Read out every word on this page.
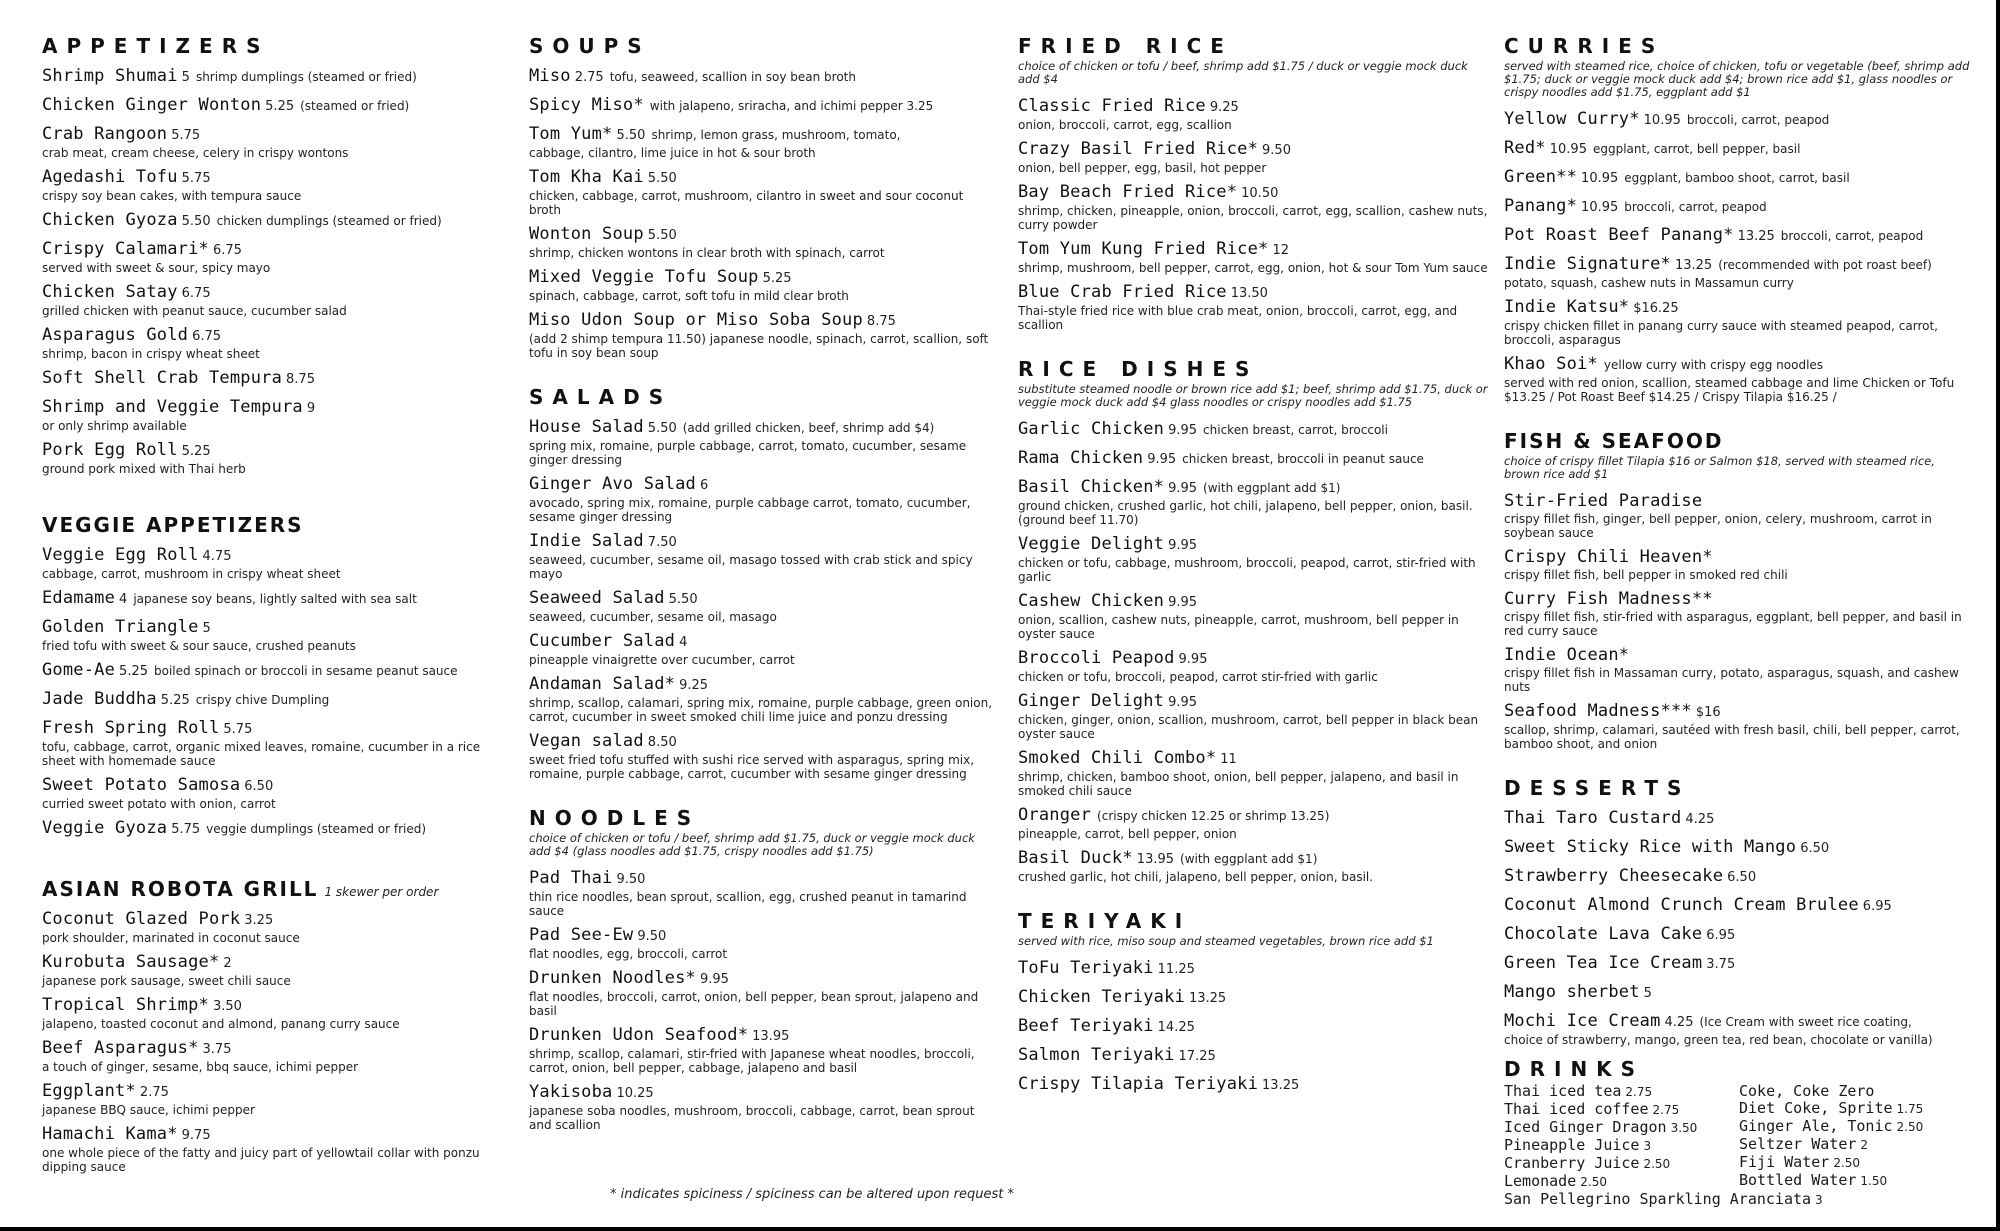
APPETIZERS
Shrimp Shumai 5 shrimp dumplings (steamed or fried)
Chicken Ginger Wonton 5.25 (steamed or fried)
Crab Rangoon 5.75
crab meat, cream cheese, celery in crispy wontons
Agedashi Tofu 5.75
crispy soy bean cakes, with tempura sauce
Chicken Gyoza 5.50 chicken dumplings (steamed or fried)
Crispy Calamari* 6.75
served with sweet & sour, spicy mayo
Chicken Satay 6.75
grilled chicken with peanut sauce, cucumber salad
Asparagus Gold 6.75
shrimp, bacon in crispy wheat sheet
Soft Shell Crab Tempura 8.75
Shrimp and Veggie Tempura 9
or only shrimp available
Pork Egg Roll 5.25
ground pork mixed with Thai herb
VEGGIE APPETIZERS
Veggie Egg Roll 4.75
cabbage, carrot, mushroom in crispy wheat sheet
Edamame 4 japanese soy beans, lightly salted with sea salt
Golden Triangle 5
fried tofu with sweet & sour sauce, crushed peanuts
Gome-Ae 5.25 boiled spinach or broccoli in sesame peanut sauce
Jade Buddha 5.25 crispy chive Dumpling
Fresh Spring Roll 5.75
tofu, cabbage, carrot, organic mixed leaves, romaine, cucumber in a rice sheet with homemade sauce
Sweet Potato Samosa 6.50
curried sweet potato with onion, carrot
Veggie Gyoza 5.75 veggie dumplings (steamed or fried)
ASIAN ROBOTA GRILL 1 skewer per order
Coconut Glazed Pork 3.25
pork shoulder, marinated in coconut sauce
Kurobuta Sausage* 2
japanese pork sausage, sweet chili sauce
Tropical Shrimp* 3.50
jalapeno, toasted coconut and almond, panang curry sauce
Beef Asparagus* 3.75
a touch of ginger, sesame, bbq sauce, ichimi pepper
Eggplant* 2.75
japanese BBQ sauce, ichimi pepper
Hamachi Kama* 9.75
one whole piece of the fatty and juicy part of yellowtail collar with ponzu dipping sauce
SOUPS
Miso 2.75 tofu, seaweed, scallion in soy bean broth
Spicy Miso* with jalapeno, sriracha, and ichimi pepper 3.25
Tom Yum* 5.50 shrimp, lemon grass, mushroom, tomato,
cabbage, cilantro, lime juice in hot & sour broth
Tom Kha Kai 5.50
chicken, cabbage, carrot, mushroom, cilantro in sweet and sour coconut broth
Wonton Soup 5.50
shrimp, chicken wontons in clear broth with spinach, carrot
Mixed Veggie Tofu Soup 5.25
spinach, cabbage, carrot, soft tofu in mild clear broth
Miso Udon Soup or Miso Soba Soup 8.75
(add 2 shimp tempura 11.50) japanese noodle, spinach, carrot, scallion, soft tofu in soy bean soup
SALADS
House Salad 5.50 (add grilled chicken, beef, shrimp add $4)
spring mix, romaine, purple cabbage, carrot, tomato, cucumber, sesame ginger dressing
Ginger Avo Salad 6
avocado, spring mix, romaine, purple cabbage carrot, tomato, cucumber, sesame ginger dressing
Indie Salad 7.50
seaweed, cucumber, sesame oil, masago tossed with crab stick and spicy mayo
Seaweed Salad 5.50
seaweed, cucumber, sesame oil, masago
Cucumber Salad 4
pineapple vinaigrette over cucumber, carrot
Andaman Salad* 9.25
shrimp, scallop, calamari, spring mix, romaine, purple cabbage, green onion, carrot, cucumber in sweet smoked chili lime juice and ponzu dressing
Vegan salad 8.50
sweet fried tofu stuffed with sushi rice served with asparagus, spring mix, romaine, purple cabbage, carrot, cucumber with sesame ginger dressing
NOODLES
choice of chicken or tofu / beef, shrimp add $1.75, duck or veggie mock duck add $4 (glass noodles add $1.75, crispy noodles add $1.75)
Pad Thai 9.50
thin rice noodles, bean sprout, scallion, egg, crushed peanut in tamarind sauce
Pad See-Ew 9.50
flat noodles, egg, broccoli, carrot
Drunken Noodles* 9.95
flat noodles, broccoli, carrot, onion, bell pepper, bean sprout, jalapeno and basil
Drunken Udon Seafood* 13.95
shrimp, scallop, calamari, stir-fried with Japanese wheat noodles, broccoli, carrot, onion, bell pepper, cabbage, jalapeno and basil
Yakisoba 10.25
japanese soba noodles, mushroom, broccoli, cabbage, carrot, bean sprout and scallion
FRIED RICE
choice of chicken or tofu / beef, shrimp add $1.75 / duck or veggie mock duck add $4
Classic Fried Rice 9.25
onion, broccoli, carrot, egg, scallion
Crazy Basil Fried Rice* 9.50
onion, bell pepper, egg, basil, hot pepper
Bay Beach Fried Rice* 10.50
shrimp, chicken, pineapple, onion, broccoli, carrot, egg, scallion, cashew nuts, curry powder
Tom Yum Kung Fried Rice* 12
shrimp, mushroom, bell pepper, carrot, egg, onion, hot & sour Tom Yum sauce
Blue Crab Fried Rice 13.50
Thai-style fried rice with blue crab meat, onion, broccoli, carrot, egg, and scallion
RICE DISHES
substitute steamed noodle or brown rice add $1; beef, shrimp add $1.75, duck or veggie mock duck add $4 glass noodles or crispy noodles add $1.75
Garlic Chicken 9.95 chicken breast, carrot, broccoli
Rama Chicken 9.95 chicken breast, broccoli in peanut sauce
Basil Chicken* 9.95 (with eggplant add $1)
ground chicken, crushed garlic, hot chili, jalapeno, bell pepper, onion, basil. (ground beef 11.70)
Veggie Delight 9.95
chicken or tofu, cabbage, mushroom, broccoli, peapod, carrot, stir-fried with garlic
Cashew Chicken 9.95
onion, scallion, cashew nuts, pineapple, carrot, mushroom, bell pepper in oyster sauce
Broccoli Peapod 9.95
chicken or tofu, broccoli, peapod, carrot stir-fried with garlic
Ginger Delight 9.95
chicken, ginger, onion, scallion, mushroom, carrot, bell pepper in black bean oyster sauce
Smoked Chili Combo* 11
shrimp, chicken, bamboo shoot, onion, bell pepper, jalapeno, and basil in smoked chili sauce
Oranger (crispy chicken 12.25 or shrimp 13.25)
pineapple, carrot, bell pepper, onion
Basil Duck* 13.95 (with eggplant add $1)
crushed garlic, hot chili, jalapeno, bell pepper, onion, basil.
TERIYAKI
served with rice, miso soup and steamed vegetables, brown rice add $1
ToFu Teriyaki 11.25
Chicken Teriyaki 13.25
Beef Teriyaki 14.25
Salmon Teriyaki 17.25
Crispy Tilapia Teriyaki 13.25
CURRIES
served with steamed rice, choice of chicken, tofu or vegetable (beef, shrimp add $1.75; duck or veggie mock duck add $4; brown rice add $1, glass noodles or crispy noodles add $1.75, eggplant add $1
Yellow Curry* 10.95 broccoli, carrot, peapod
Red* 10.95 eggplant, carrot, bell pepper, basil
Green** 10.95 eggplant, bamboo shoot, carrot, basil
Panang* 10.95 broccoli, carrot, peapod
Pot Roast Beef Panang* 13.25 broccoli, carrot, peapod
Indie Signature* 13.25 (recommended with pot roast beef)
potato, squash, cashew nuts in Massamun curry
Indie Katsu* $16.25
crispy chicken fillet in panang curry sauce with steamed peapod, carrot, broccoli, asparagus
Khao Soi* yellow curry with crispy egg noodles
served with red onion, scallion, steamed cabbage and lime Chicken or Tofu $13.25 / Pot Roast Beef $14.25 / Crispy Tilapia $16.25 /
FISH & SEAFOOD
choice of crispy fillet Tilapia $16 or Salmon $18, served with steamed rice, brown rice add $1
Stir-Fried Paradise
crispy fillet fish, ginger, bell pepper, onion, celery, mushroom, carrot in soybean sauce
Crispy Chili Heaven*
crispy fillet fish, bell pepper in smoked red chili
Curry Fish Madness**
crispy fillet fish, stir-fried with asparagus, eggplant, bell pepper, and basil in red curry sauce
Indie Ocean*
crispy fillet fish in Massaman curry, potato, asparagus, squash, and cashew nuts
Seafood Madness*** $16
scallop, shrimp, calamari, sautéed with fresh basil, chili, bell pepper, carrot, bamboo shoot, and onion
DESSERTS
Thai Taro Custard 4.25
Sweet Sticky Rice with Mango 6.50
Strawberry Cheesecake 6.50
Coconut Almond Crunch Cream Brulee 6.95
Chocolate Lava Cake 6.95
Green Tea Ice Cream 3.75
Mango sherbet 5
Mochi Ice Cream 4.25 (Ice Cream with sweet rice coating,
choice of strawberry, mango, green tea, red bean, chocolate or vanilla)
DRINKS
Thai iced tea 2.75
Thai iced coffee 2.75
Iced Ginger Dragon 3.50
Pineapple Juice 3
Cranberry Juice 2.50
Lemonade 2.50
Coke, Coke Zero
Diet Coke, Sprite 1.75
Ginger Ale, Tonic 2.50
Seltzer Water 2
Fiji Water 2.50
Bottled Water 1.50
San Pellegrino Sparkling Aranciata 3
* indicates spiciness / spiciness can be altered upon request *
